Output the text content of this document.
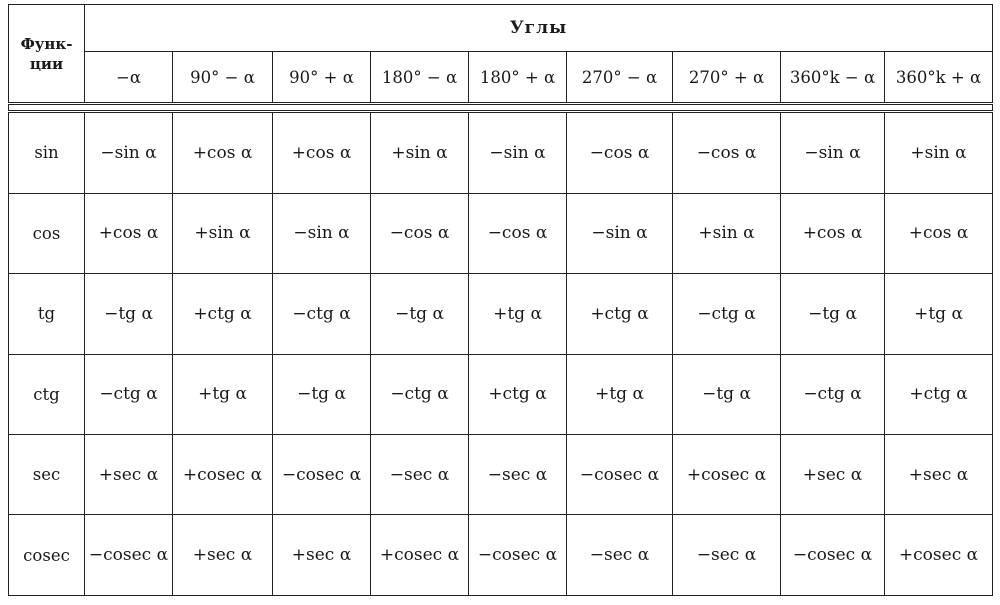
Функ-
ции	Углы								
	−α	90° − α	90° + α	180° − α	180° + α	270° − α	270° + α	360°k − α	360°k + α

sin	−sin α	+cos α	+cos α	+sin α	−sin α	−cos α	−cos α	−sin α	+sin α
cos	+cos α	+sin α	−sin α	−cos α	−cos α	−sin α	+sin α	+cos α	+cos α
tg	−tg α	+ctg α	−ctg α	−tg α	+tg α	+ctg α	−ctg α	−tg α	+tg α
ctg	−ctg α	+tg α	−tg α	−ctg α	+ctg α	+tg α	−tg α	−ctg α	+ctg α
sec	+sec α	+cosec α	−cosec α	−sec α	−sec α	−cosec α	+cosec α	+sec α	+sec α
cosec	−cosec α	+sec α	+sec α	+cosec α	−cosec α	−sec α	−sec α	−cosec α	+cosec α
